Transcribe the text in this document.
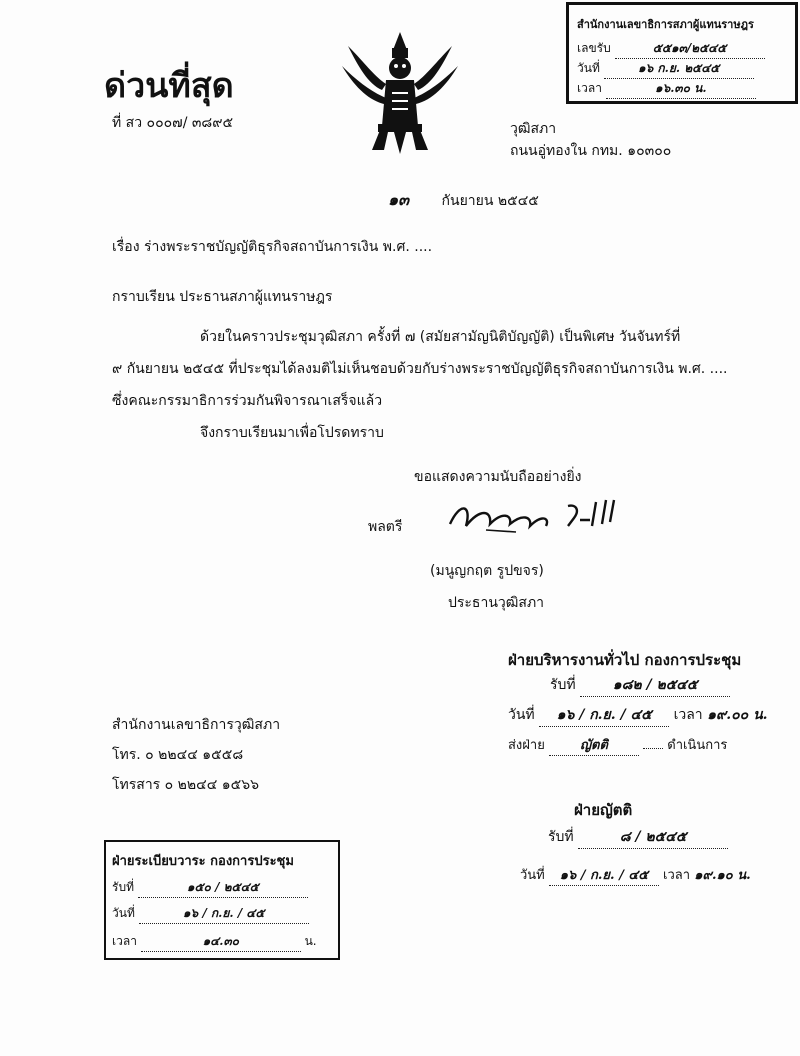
ด่วนที่สุด
ที่ สว ๐๐๐๗/ ๓๘๙๕	วุฒิสภา
ถนนอู่ทองใน กทม. ๑๐๓๐๐
สำนักงานเลขาธิการสภาผู้แทนราษฎร
เลขรับ	๕๕๑๓/๒๕๔๕
วันที่	๑๖ ก.ย. ๒๕๔๕
เวลา	๑๖.๓๐ น.
๑๓ กันยายน ๒๕๔๕
เรื่อง ร่างพระราชบัญญัติธุรกิจสถาบันการเงิน พ.ศ. ....
กราบเรียน ประธานสภาผู้แทนราษฎร
ด้วยในคราวประชุมวุฒิสภา ครั้งที่ ๗ (สมัยสามัญนิติบัญญัติ) เป็นพิเศษ วันจันทร์ที่
๙ กันยายน ๒๕๔๕ ที่ประชุมได้ลงมติไม่เห็นชอบด้วยกับร่างพระราชบัญญัติธุรกิจสถาบันการเงิน พ.ศ. ....
ซึ่งคณะกรรมาธิการร่วมกันพิจารณาเสร็จแล้ว
จึงกราบเรียนมาเพื่อโปรดทราบ
ขอแสดงความนับถืออย่างยิ่ง
พลตรี
(มนูญกฤต รูปขจร)
ประธานวุฒิสภา
สำนักงานเลขาธิการวุฒิสภา
โทร. ๐ ๒๒๔๔ ๑๕๕๘
โทรสาร ๐ ๒๒๔๔ ๑๕๖๖
ฝ่ายบริหารงานทั่วไป กองการประชุม
รับที่	๑๘๒ / ๒๕๔๕
วันที่ ๑๖ / ก.ย. / ๔๕ เวลา ๑๙.๐๐ น.
ส่งฝ่าย	ญัตติ	ดำเนินการ
ฝ่ายญัตติ
รับที่	๘ / ๒๕๔๕
วันที่ ๑๖ / ก.ย. / ๔๕ เวลา ๑๙.๑๐ น.
ฝ่ายระเบียบวาระ กองการประชุม
รับที่	๑๕๐ / ๒๕๔๕
วันที่	๑๖ / ก.ย. / ๔๕
เวลา	๑๔.๓๐	น.
